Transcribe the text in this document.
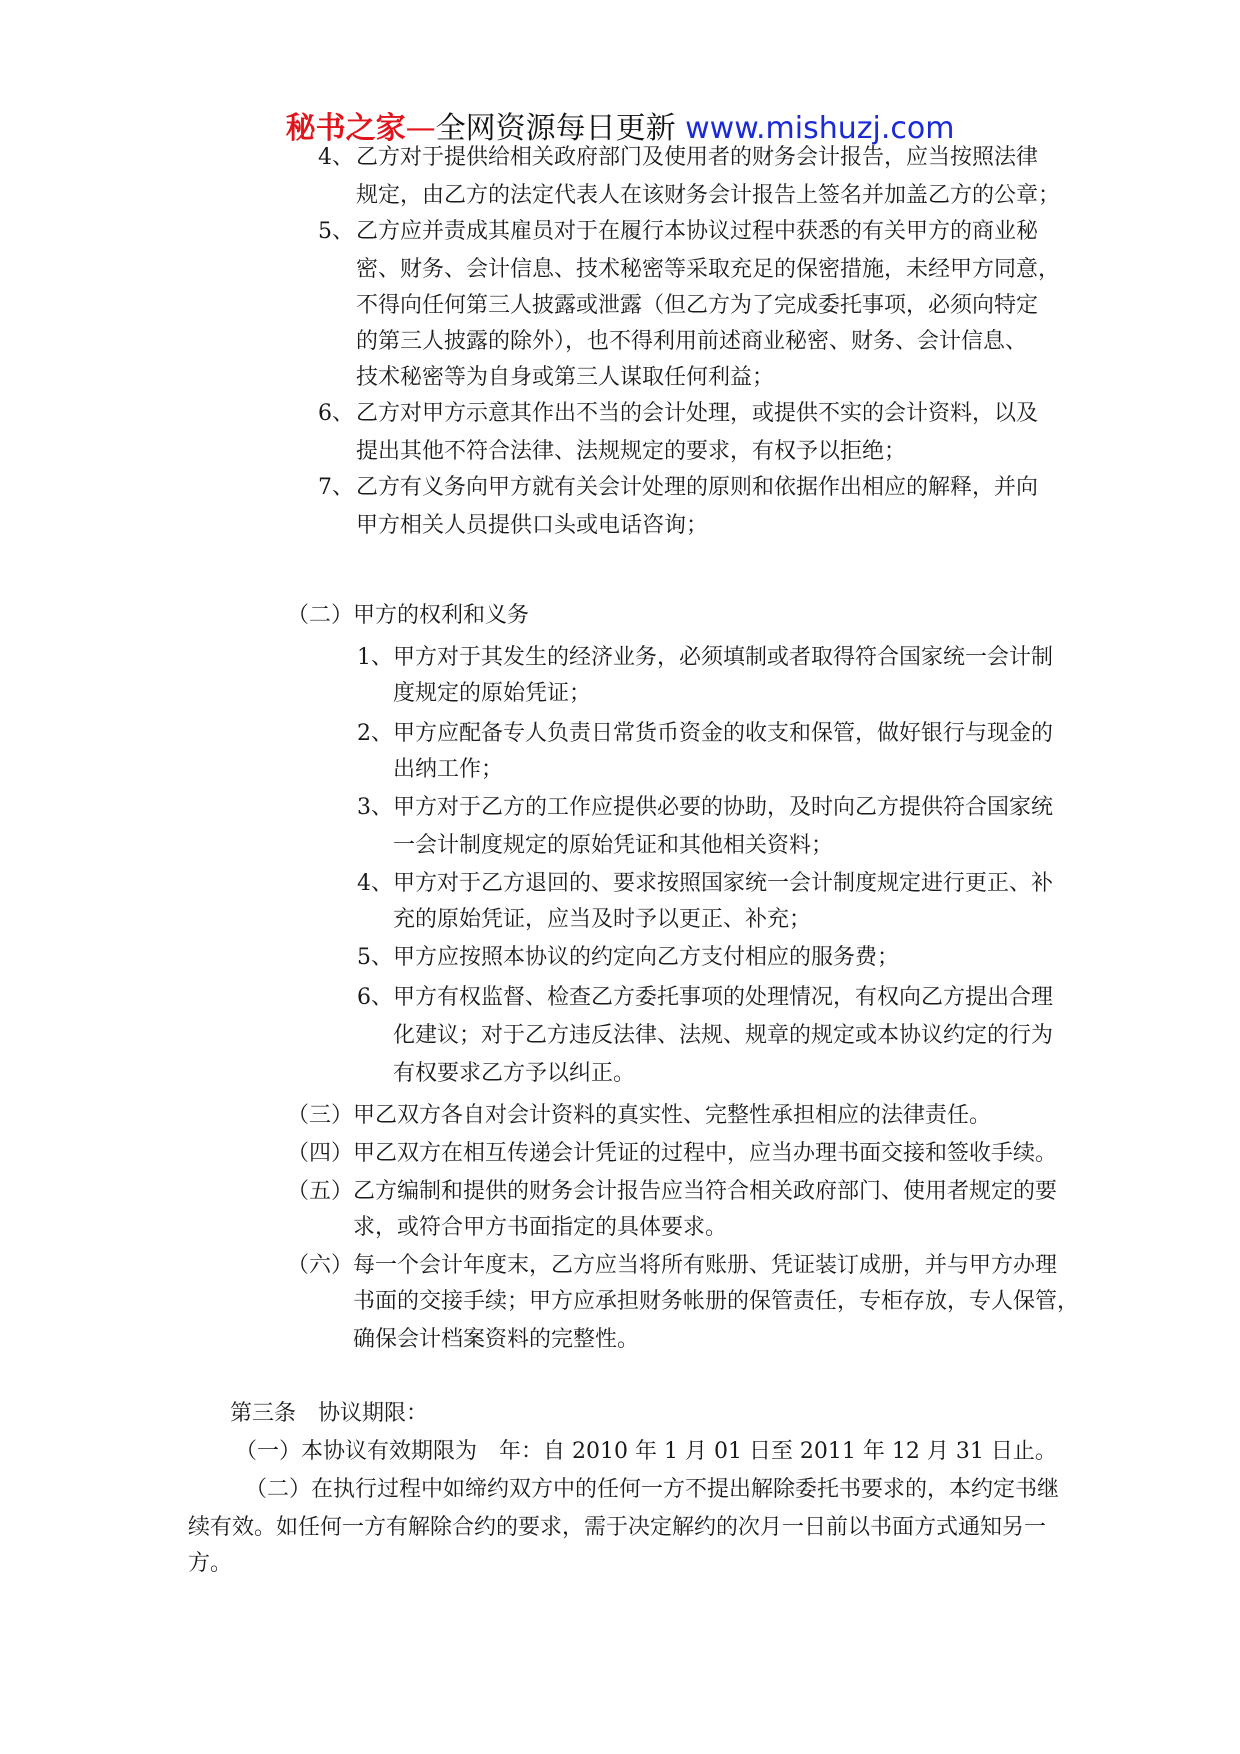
秘书之家—全网资源每日更新 www.mishuzj.com
4、 乙方对于提供给相关政府部门及使用者的财务会计报告，应当按照法律
规定，由乙方的法定代表人在该财务会计报告上签名并加盖乙方的公章；
5、 乙方应并责成其雇员对于在履行本协议过程中获悉的有关甲方的商业秘
密、财务、会计信息、技术秘密等采取充足的保密措施，未经甲方同意，
不得向任何第三人披露或泄露（但乙方为了完成委托事项，必须向特定
的第三人披露的除外），也不得利用前述商业秘密、财务、会计信息、
技术秘密等为自身或第三人谋取任何利益；
6、 乙方对甲方示意其作出不当的会计处理，或提供不实的会计资料，以及
提出其他不符合法律、法规规定的要求，有权予以拒绝；
7、 乙方有义务向甲方就有关会计处理的原则和依据作出相应的解释，并向
甲方相关人员提供口头或电话咨询；
（二） 甲方的权利和义务
1、 甲方对于其发生的经济业务，必须填制或者取得符合国家统一会计制
度规定的原始凭证；
2、 甲方应配备专人负责日常货币资金的收支和保管，做好银行与现金的
出纳工作；
3、 甲方对于乙方的工作应提供必要的协助，及时向乙方提供符合国家统
一会计制度规定的原始凭证和其他相关资料；
4、 甲方对于乙方退回的、要求按照国家统一会计制度规定进行更正、补
充的原始凭证，应当及时予以更正、补充；
5、 甲方应按照本协议的约定向乙方支付相应的服务费；
6、 甲方有权监督、检查乙方委托事项的处理情况，有权向乙方提出合理
化建议；对于乙方违反法律、法规、规章的规定或本协议约定的行为
有权要求乙方予以纠正。
（三） 甲乙双方各自对会计资料的真实性、完整性承担相应的法律责任。
（四） 甲乙双方在相互传递会计凭证的过程中，应当办理书面交接和签收手续。
（五） 乙方编制和提供的财务会计报告应当符合相关政府部门、使用者规定的要
求，或符合甲方书面指定的具体要求。
（六） 每一个会计年度末，乙方应当将所有账册、凭证装订成册，并与甲方办理
书面的交接手续；甲方应承担财务帐册的保管责任，专柜存放，专人保管，
确保会计档案资料的完整性。
第三条　协议期限：
（一）本协议有效期限为　年：自 2010 年 1 月 01 日至 2011 年 12 月 31 日止。
（二）在执行过程中如缔约双方中的任何一方不提出解除委托书要求的，本约定书继
续有效。如任何一方有解除合约的要求，需于决定解约的次月一日前以书面方式通知另一
方。
